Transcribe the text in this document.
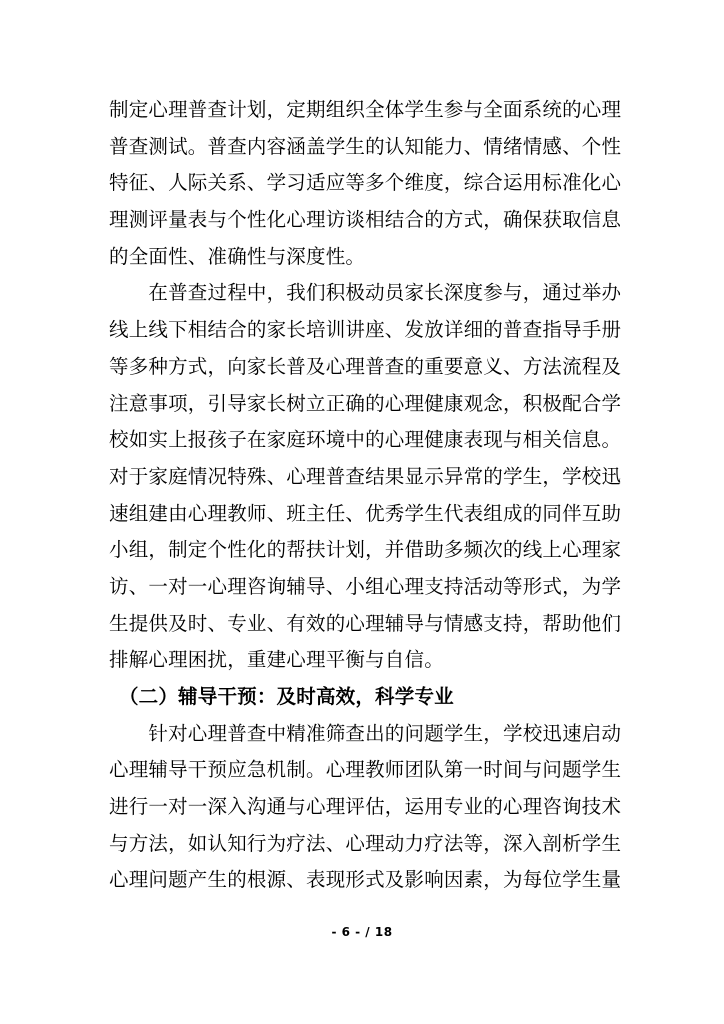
制定心理普查计划，定期组织全体学生参与全面系统的心理
普查测试。普查内容涵盖学生的认知能力、情绪情感、个性
特征、人际关系、学习适应等多个维度，综合运用标准化心
理测评量表与个性化心理访谈相结合的方式，确保获取信息
的全面性、准确性与深度性。
　　在普查过程中，我们积极动员家长深度参与，通过举办
线上线下相结合的家长培训讲座、发放详细的普查指导手册
等多种方式，向家长普及心理普查的重要意义、方法流程及
注意事项，引导家长树立正确的心理健康观念，积极配合学
校如实上报孩子在家庭环境中的心理健康表现与相关信息。
对于家庭情况特殊、心理普查结果显示异常的学生，学校迅
速组建由心理教师、班主任、优秀学生代表组成的同伴互助
小组，制定个性化的帮扶计划，并借助多频次的线上心理家
访、一对一心理咨询辅导、小组心理支持活动等形式，为学
生提供及时、专业、有效的心理辅导与情感支持，帮助他们
排解心理困扰，重建心理平衡与自信。
　（二）辅导干预：及时高效，科学专业
　　针对心理普查中精准筛查出的问题学生，学校迅速启动
心理辅导干预应急机制。心理教师团队第一时间与问题学生
进行一对一深入沟通与心理评估，运用专业的心理咨询技术
与方法，如认知行为疗法、心理动力疗法等，深入剖析学生
心理问题产生的根源、表现形式及影响因素，为每位学生量
- 6 - / 18
